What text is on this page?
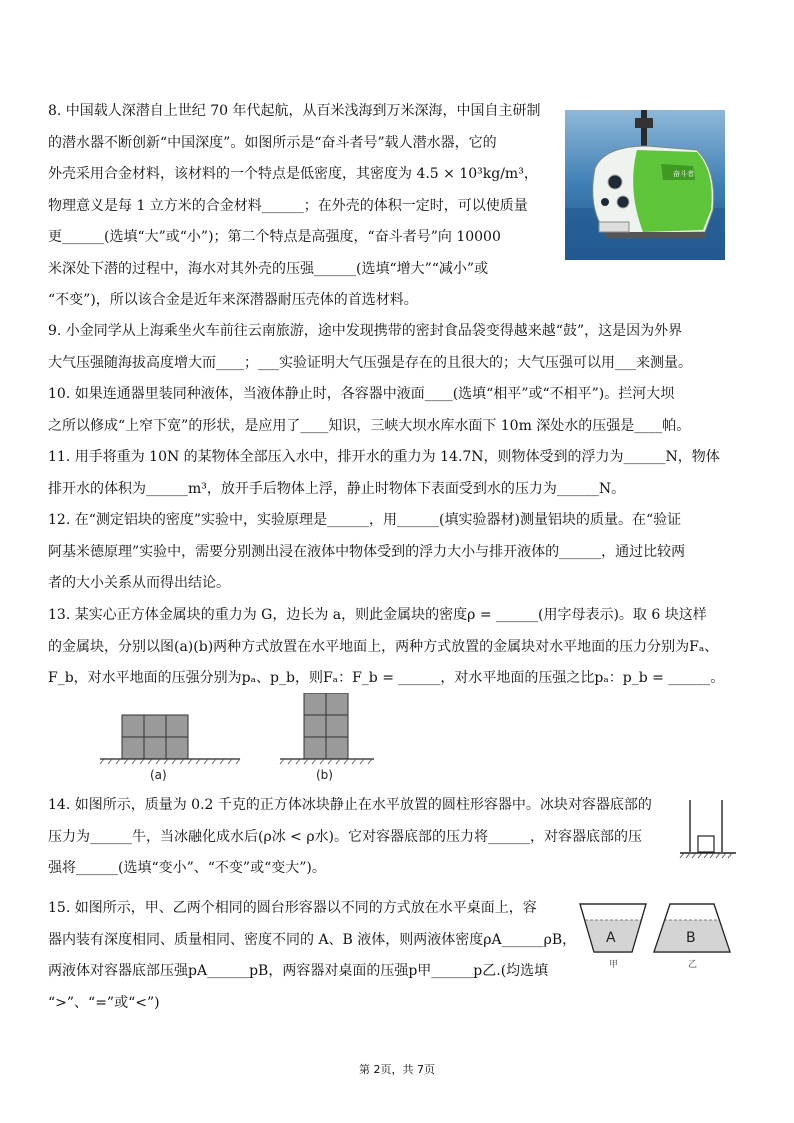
8. 中国载人深潜自上世纪 70 年代起航，从百米浅海到万米深海，中国自主研制

的潜水器不断创新“中国深度”。如图所示是“奋斗者号”载人潜水器，它的

外壳采用合金材料，该材料的一个特点是低密度，其密度为 4.5 × 10³kg/m³，

物理意义是每 1 立方米的合金材料______；在外壳的体积一定时，可以使质量

更______(选填“大”或“小”)；第二个特点是高强度，“奋斗者号”向 10000

米深处下潜的过程中，海水对其外壳的压强______(选填“增大”“减小”或

“不变”)，所以该合金是近年来深潜器耐压壳体的首选材料。

奋斗者

9. 小金同学从上海乘坐火车前往云南旅游，途中发现携带的密封食品袋变得越来越“鼓”，这是因为外界

大气压强随海拔高度增大而____；___实验证明大气压强是存在的且很大的；大气压强可以用___来测量。

10. 如果连通器里装同种液体，当液体静止时，各容器中液面____(选填“相平”或“不相平”)。拦河大坝

之所以修成“上窄下宽”的形状，是应用了____知识，三峡大坝水库水面下 10m 深处水的压强是____帕。

11. 用手将重为 10N 的某物体全部压入水中，排开水的重力为 14.7N，则物体受到的浮力为______N，物体

排开水的体积为______m³，放开手后物体上浮，静止时物体下表面受到水的压力为______N。

12. 在“测定铝块的密度”实验中，实验原理是______，用______(填实验器材)测量铝块的质量。在“验证

阿基米德原理”实验中，需要分别测出浸在液体中物体受到的浮力大小与排开液体的______，通过比较两

者的大小关系从而得出结论。

13. 某实心正方体金属块的重力为 G，边长为 a，则此金属块的密度ρ = ______(用字母表示)。取 6 块这样

的金属块，分别以图(a)(b)两种方式放置在水平地面上，两种方式放置的金属块对水平地面的压力分别为Fₐ、

F_b，对水平地面的压强分别为pₐ、p_b，则Fₐ：F_b = ______，对水平地面的压强之比pₐ：p_b = ______。

(a)	(b)

14. 如图所示，质量为 0.2 千克的正方体冰块静止在水平放置的圆柱形容器中。冰块对容器底部的

压力为______牛，当冰融化成水后(ρ冰 < ρ水)。它对容器底部的压力将______，对容器底部的压

强将______(选填“变小”、“不变”或“变大”)。

15. 如图所示，甲、乙两个相同的圆台形容器以不同的方式放在水平桌面上，容

器内装有深度相同、质量相同、密度不同的 A、B 液体，则两液体密度ρA______ρB，

两液体对容器底部压强pA______pB，两容器对桌面的压强p甲______p乙.(均选填

“>”、“=”或“<”)

A
甲
B
乙
第 2页，共 7页
